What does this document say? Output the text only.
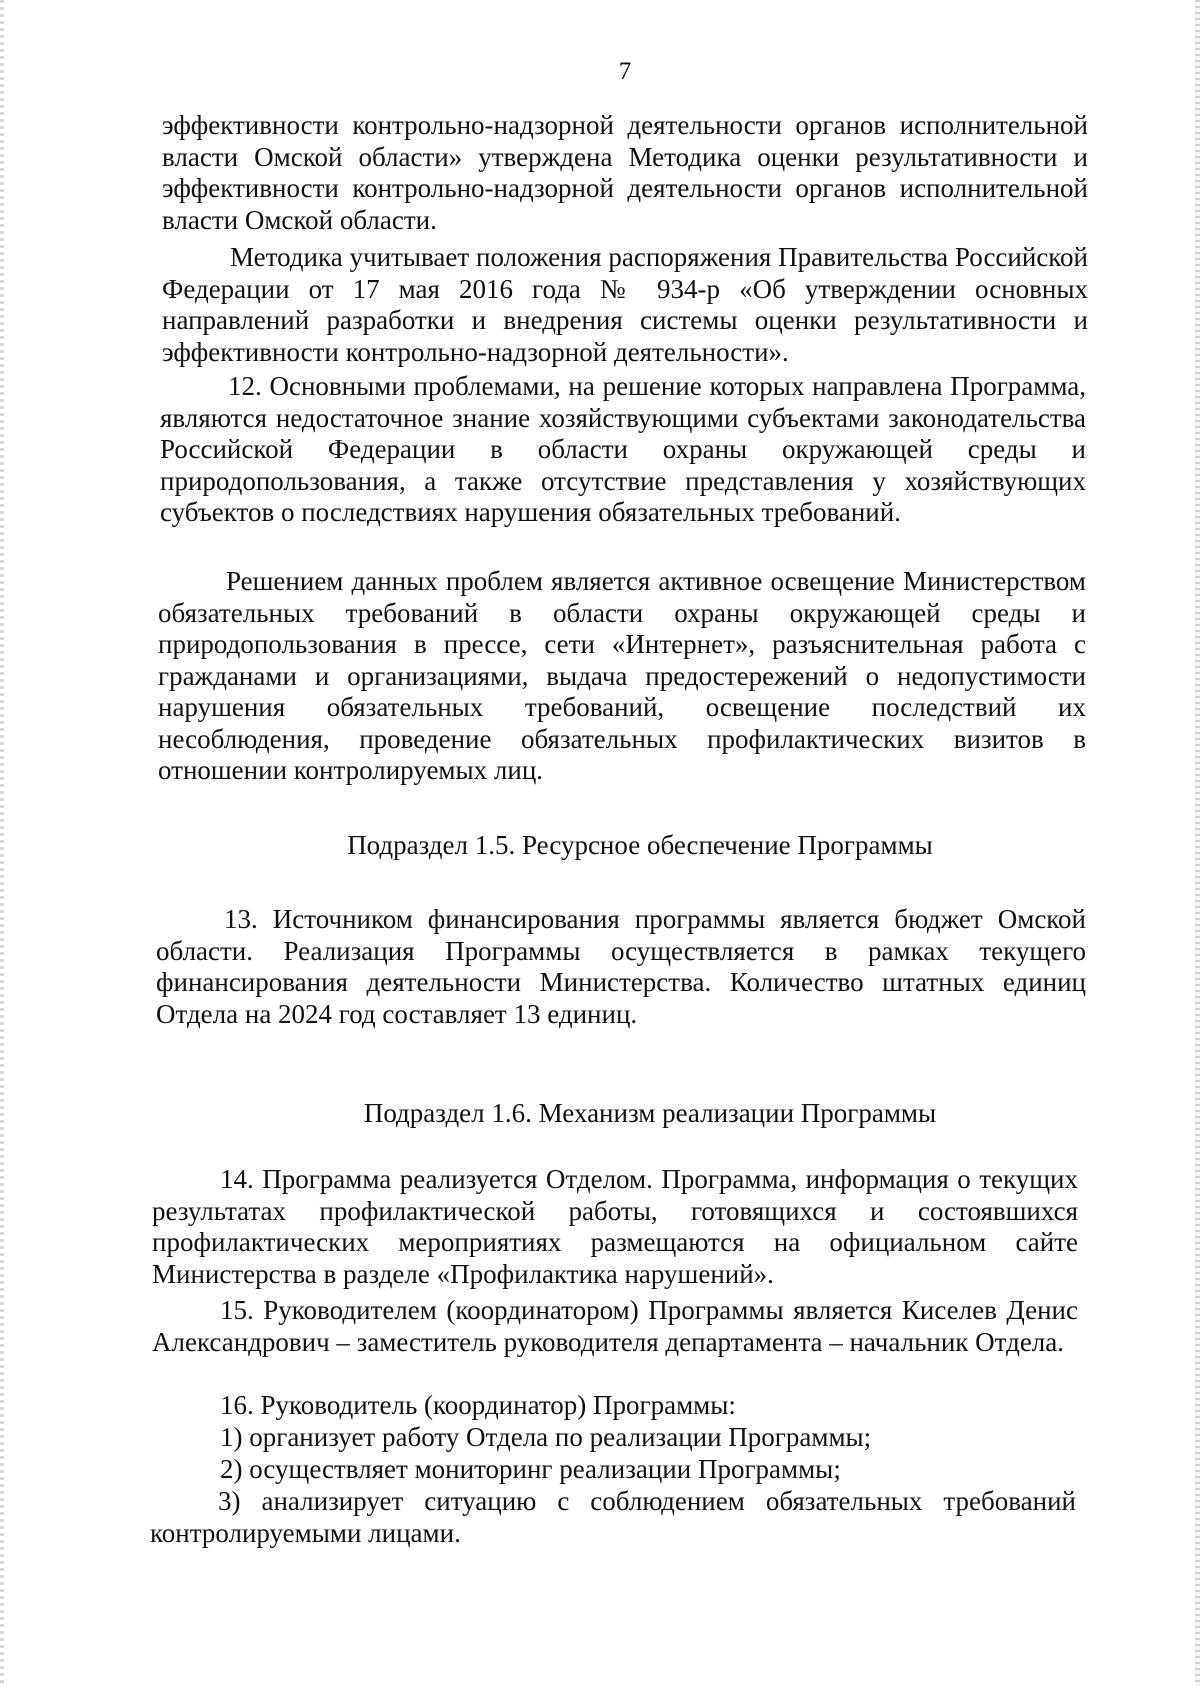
7

эффективности контрольно-надзорной деятельности органов исполнительной власти Омской области» утверждена Методика оценки результативности и эффективности контрольно-надзорной деятельности органов исполнительной власти Омской области.

Методика учитывает положения распоряжения Правительства Российской Федерации от 17 мая 2016 года № 934-р «Об утверждении основных направлений разработки и внедрения системы оценки результативности и эффективности контрольно-надзорной деятельности».

12. Основными проблемами, на решение которых направлена Программа, являются недостаточное знание хозяйствующими субъектами законодательства Российской Федерации в области охраны окружающей среды и природопользования, а также отсутствие представления у хозяйствующих субъектов о последствиях нарушения обязательных требований.

Решением данных проблем является активное освещение Министерством обязательных требований в области охраны окружающей среды и природопользования в прессе, сети «Интернет», разъяснительная работа с гражданами и организациями, выдача предостережений о недопустимости нарушения обязательных требований, освещение последствий их несоблюдения, проведение обязательных профилактических визитов в отношении контролируемых лиц.

Подраздел 1.5. Ресурсное обеспечение Программы

13. Источником финансирования программы является бюджет Омской области. Реализация Программы осуществляется в рамках текущего финансирования деятельности Министерства. Количество штатных единиц Отдела на 2024 год составляет 13 единиц.

Подраздел 1.6. Механизм реализации Программы

14. Программа реализуется Отделом. Программа, информация о текущих результатах профилактической работы, готовящихся и состоявшихся профилактических мероприятиях размещаются на официальном сайте Министерства в разделе «Профилактика нарушений».

15. Руководителем (координатором) Программы является Киселев Денис Александрович – заместитель руководителя департамента – начальник Отдела.

16. Руководитель (координатор) Программы:

1) организует работу Отдела по реализации Программы;

2) осуществляет мониторинг реализации Программы;

3) анализирует ситуацию с соблюдением обязательных требований контролируемыми лицами.
